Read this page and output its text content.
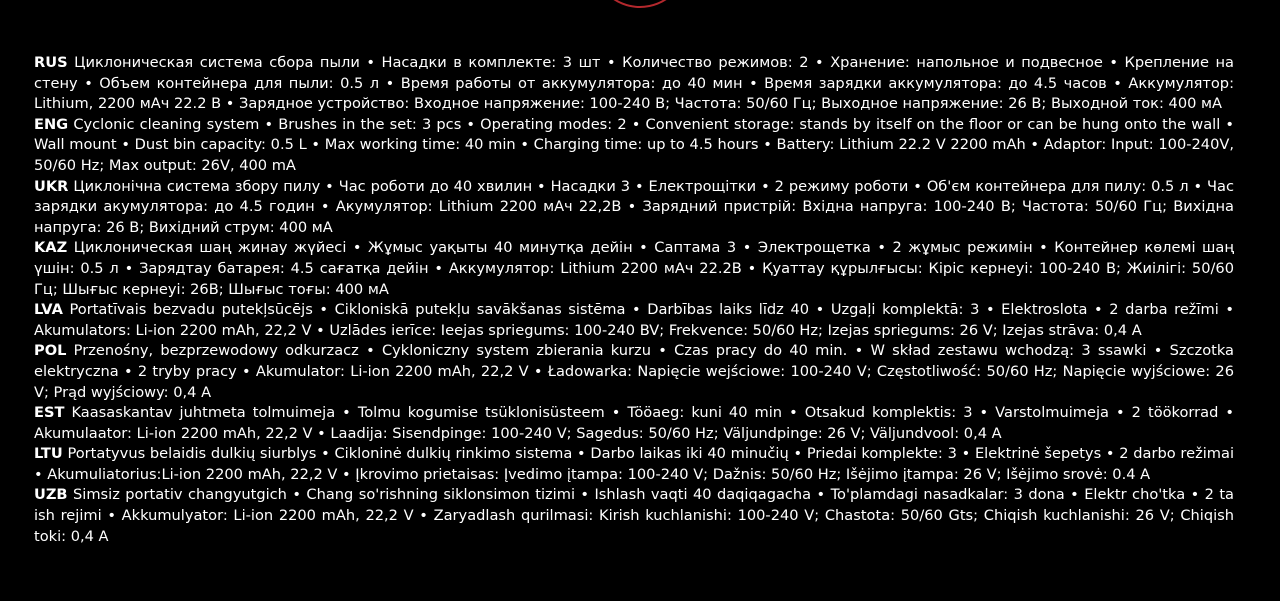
RUS Циклоническая система сбора пыли • Насадки в комплекте: 3 шт • Количество режимов: 2 • Хранение: напольное и подвесное • Крепление на стену • Объем контейнера для пыли: 0.5 л • Время работы от аккумулятора: до 40 мин • Время зарядки аккумулятора: до 4.5 часов • Аккумулятор: Lithium, 2200 мАч 22.2 В • Зарядное устройство: Входное напряжение: 100-240 В; Частота: 50/60 Гц; Выходное напряжение: 26 В; Выходной ток: 400 мА

ENG Cyclonic cleaning system • Brushes in the set: 3 pcs • Operating modes: 2 • Convenient storage: stands by itself on the floor or can be hung onto the wall • Wall mount • Dust bin capacity: 0.5 L • Max working time: 40 min • Charging time: up to 4.5 hours • Battery: Lithium 22.2 V 2200 mAh • Adaptor: Input: 100-240V, 50/60 Hz; Max output: 26V, 400 mA

UKR Циклонічна система збору пилу • Час роботи до 40 хвилин • Насадки 3 • Електрощітки • 2 режиму роботи • Об'єм контейнера для пилу: 0.5 л • Час зарядки акумулятора: до 4.5 годин • Акумулятор: Lithium 2200 мАч 22,2В • Зарядний пристрій: Вхідна напруга: 100-240 В; Частота: 50/60 Гц; Вихідна напруга: 26 В; Вихідний струм: 400 мА

KAZ Циклоническая шаң жинау жүйесі • Жұмыс уақыты 40 минутқа дейін • Саптама 3 • Электрощетка • 2 жұмыс режимін • Контейнер көлемі шаң үшін: 0.5 л • Зарядтау батарея: 4.5 сағатқа дейін • Аккумулятор: Lithium 2200 мАч 22.2В • Қуаттау құрылғысы: Кіріс кернеуі: 100-240 В; Жиілігі: 50/60 Гц; Шығыс кернеуі: 26В; Шығыс тоғы: 400 мА

LVA Portatīvais bezvadu putekļsūcējs • Cikloniskā putekļu savākšanas sistēma • Darbības laiks līdz 40 • Uzgaļi komplektā: 3 • Elektroslota • 2 darba režīmi • Akumulators: Li-ion 2200 mAh, 22,2 V • Uzlādes ierīce: Ieejas spriegums: 100-240 BV; Frekvence: 50/60 Hz; Izejas spriegums: 26 V; Izejas strāva: 0,4 A

POL Przenośny, bezprzewodowy odkurzacz • Cykloniczny system zbierania kurzu • Czas pracy do 40 min. • W skład zestawu wchodzą: 3 ssawki • Szczotka elektryczna • 2 tryby pracy • Akumulator: Li-ion 2200 mAh, 22,2 V • Ładowarka: Napięcie wejściowe: 100-240 V; Częstotliwość: 50/60 Hz; Napięcie wyjściowe: 26 V; Prąd wyjściowy: 0,4 A

EST Kaasaskantav juhtmeta tolmuimeja • Tolmu kogumise tsüklonisüsteem • Tööaeg: kuni 40 min • Otsakud komplektis: 3 • Varstolmuimeja • 2 töökorrad • Akumulaator: Li-ion 2200 mAh, 22,2 V • Laadija: Sisendpinge: 100-240 V; Sagedus: 50/60 Hz; Väljundpinge: 26 V; Väljundvool: 0,4 A

LTU Portatyvus belaidis dulkių siurblys • Cikloninė dulkių rinkimo sistema • Darbo laikas iki 40 minučių • Priedai komplekte: 3 • Elektrinė šepetys • 2 darbo režimai • Akumuliatorius:Li-ion 2200 mAh, 22,2 V • Įkrovimo prietaisas: Įvedimo įtampa: 100-240 V; Dažnis: 50/60 Hz; Išėjimo įtampa: 26 V; Išėjimo srovė: 0.4 A

UZB Simsiz portativ changyutgich • Chang so'rishning siklonsimon tizimi • Ishlash vaqti 40 daqiqagacha • To'plamdagi nasadkalar: 3 dona • Elektr cho'tka • 2 ta ish rejimi • Akkumulyator: Li-ion 2200 mAh, 22,2 V • Zaryadlash qurilmasi: Kirish kuchlanishi: 100-240 V; Chastota: 50/60 Gts; Chiqish kuchlanishi: 26 V; Chiqish toki: 0,4 A
